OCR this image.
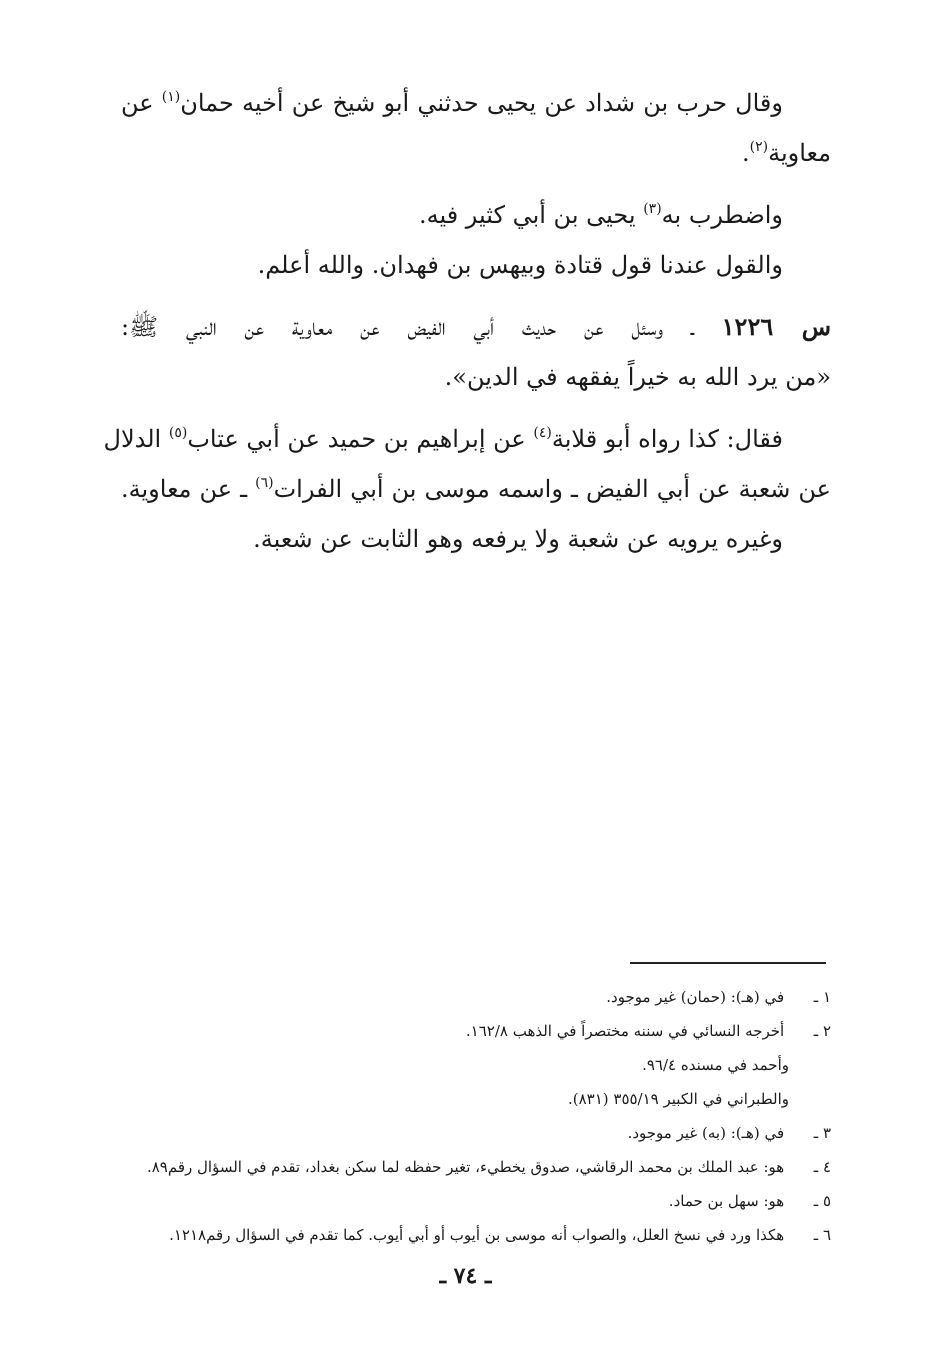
وقال حرب بن شداد عن يحيى حدثني أبو شيخ عن أخيه حمان$^{(١)}$ عن
معاوية$^{(٢)}$.
واضطرب به$^{(٣)}$ يحيى بن أبي كثير فيه.
والقول عندنا قول قتادة وبيهس بن فهدان. والله أعلم.
س ١٢٢٦ ـ وسئل عن حديث أبي الفيض عن معاوية عن النبي ﷺ:
«من يرد الله به خيراً يفقهه في الدين».
فقال: كذا رواه أبو قلابة$^{(٤)}$ عن إبراهيم بن حميد عن أبي عتاب$^{(٥)}$ الدلال
عن شعبة عن أبي الفيض ـ واسمه موسى بن أبي الفرات$^{(٦)}$ ـ عن معاوية.
وغيره يرويه عن شعبة ولا يرفعه وهو الثابت عن شعبة.
١ ـ في (هـ): (حمان) غير موجود.
٢ ـ أخرجه النسائي في سننه مختصراً في الذهب ١٦٢/٨.
وأحمد في مسنده ٩٦/٤.
والطبراني في الكبير ٣٥٥/١٩ (٨٣١).
٣ ـ في (هـ): (به) غير موجود.
٤ ـ هو: عبد الملك بن محمد الرقاشي، صدوق يخطيء، تغير حفظه لما سكن بغداد، تقدم في السؤال رقم٨٩.
٥ ـ هو: سهل بن حماد.
٦ ـ هكذا ورد في نسخ العلل، والصواب أنه موسى بن أيوب أو أبي أيوب. كما تقدم في السؤال رقم١٢١٨.
ـ ٧٤ ـ
